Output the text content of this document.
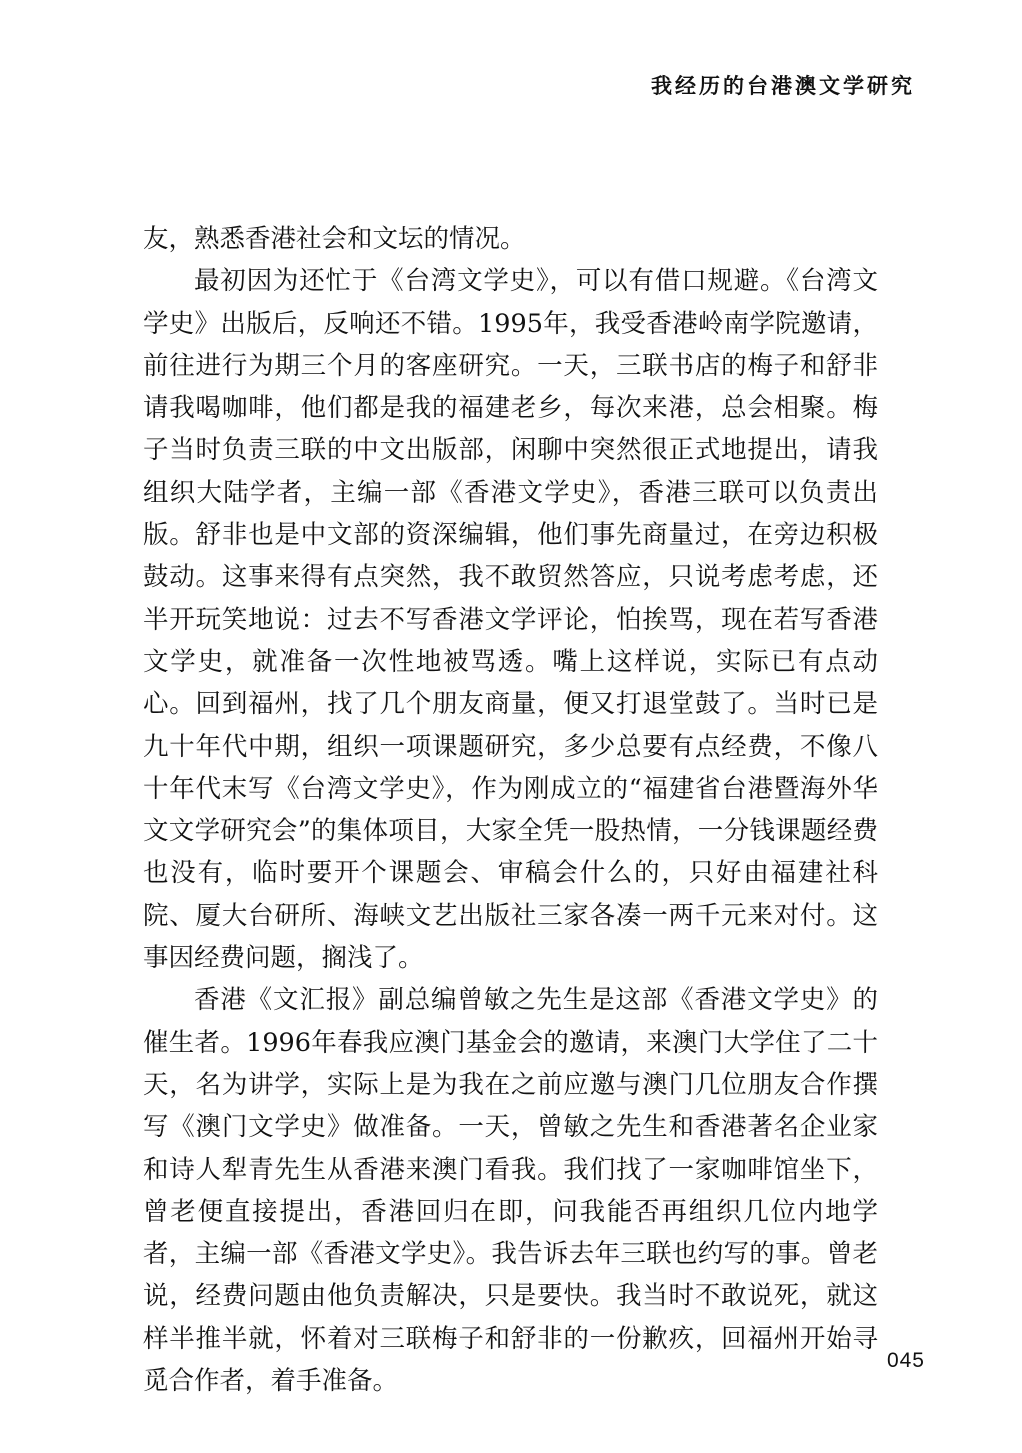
我经历的台港澳文学研究

友，熟悉香港社会和文坛的情况。

最初因为还忙于《台湾文学史》，可以有借口规避。《台湾文学史》出版后，反响还不错。1995年，我受香港岭南学院邀请，前往进行为期三个月的客座研究。一天，三联书店的梅子和舒非请我喝咖啡，他们都是我的福建老乡，每次来港，总会相聚。梅子当时负责三联的中文出版部，闲聊中突然很正式地提出，请我组织大陆学者，主编一部《香港文学史》，香港三联可以负责出版。舒非也是中文部的资深编辑，他们事先商量过，在旁边积极鼓动。这事来得有点突然，我不敢贸然答应，只说考虑考虑，还半开玩笑地说：过去不写香港文学评论，怕挨骂，现在若写香港文学史，就准备一次性地被骂透。嘴上这样说，实际已有点动心。回到福州，找了几个朋友商量，便又打退堂鼓了。当时已是九十年代中期，组织一项课题研究，多少总要有点经费，不像八十年代末写《台湾文学史》，作为刚成立的“福建省台港暨海外华文文学研究会”的集体项目，大家全凭一股热情，一分钱课题经费也没有，临时要开个课题会、审稿会什么的，只好由福建社科院、厦大台研所、海峡文艺出版社三家各凑一两千元来对付。这事因经费问题，搁浅了。

香港《文汇报》副总编曾敏之先生是这部《香港文学史》的催生者。1996年春我应澳门基金会的邀请，来澳门大学住了二十天，名为讲学，实际上是为我在之前应邀与澳门几位朋友合作撰写《澳门文学史》做准备。一天，曾敏之先生和香港著名企业家和诗人犁青先生从香港来澳门看我。我们找了一家咖啡馆坐下，曾老便直接提出，香港回归在即，问我能否再组织几位内地学者，主编一部《香港文学史》。我告诉去年三联也约写的事。曾老说，经费问题由他负责解决，只是要快。我当时不敢说死，就这样半推半就，怀着对三联梅子和舒非的一份歉疚，回福州开始寻觅合作者，着手准备。

045
